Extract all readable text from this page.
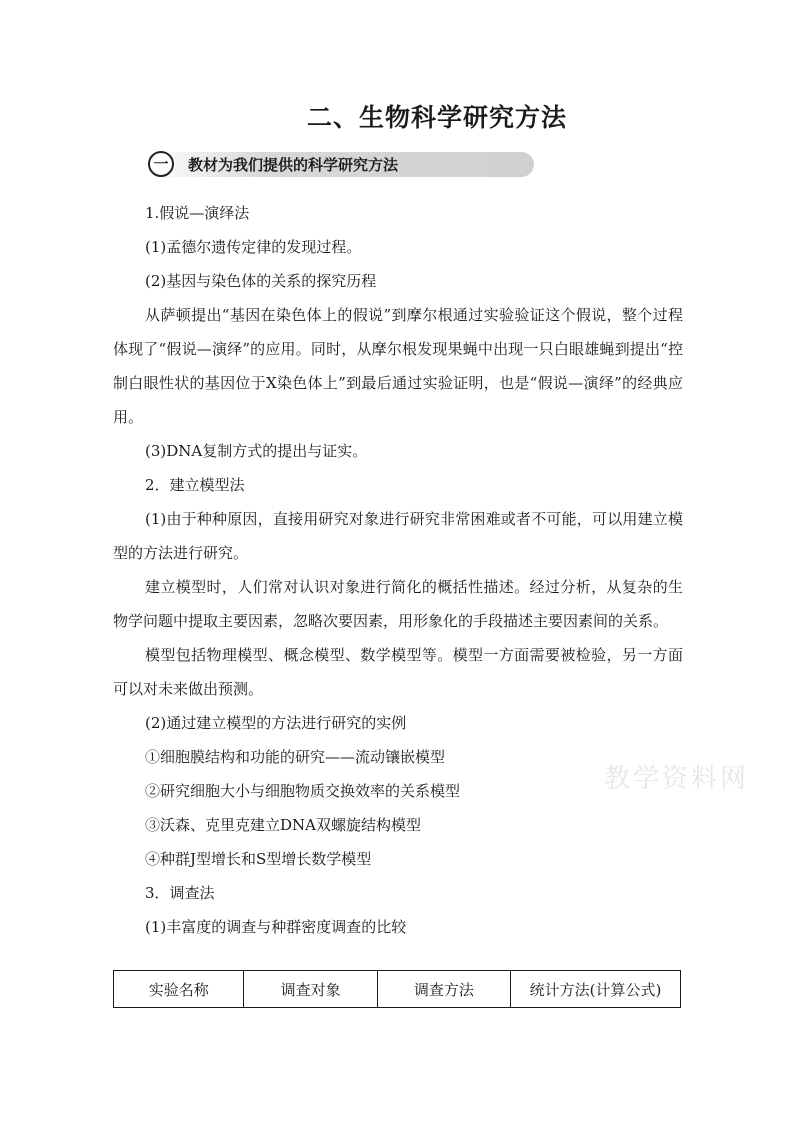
二、生物科学研究方法
一	教材为我们提供的科学研究方法

1.假说—演绎法

(1)孟德尔遗传定律的发现过程。

(2)基因与染色体的关系的探究历程

从萨顿提出“基因在染色体上的假说”到摩尔根通过实验验证这个假说，整个过程体现了“假说—演绎”的应用。同时，从摩尔根发现果蝇中出现一只白眼雄蝇到提出“控制白眼性状的基因位于X染色体上”到最后通过实验证明，也是“假说—演绎”的经典应用。

(3)DNA复制方式的提出与证实。

2．建立模型法

(1)由于种种原因，直接用研究对象进行研究非常困难或者不可能，可以用建立模型的方法进行研究。

建立模型时，人们常对认识对象进行简化的概括性描述。经过分析，从复杂的生物学问题中提取主要因素，忽略次要因素，用形象化的手段描述主要因素间的关系。

模型包括物理模型、概念模型、数学模型等。模型一方面需要被检验，另一方面可以对未来做出预测。

(2)通过建立模型的方法进行研究的实例

①细胞膜结构和功能的研究——流动镶嵌模型

②研究细胞大小与细胞物质交换效率的关系模型

③沃森、克里克建立DNA双螺旋结构模型

④种群J型增长和S型增长数学模型

3．调查法

(1)丰富度的调查与种群密度调查的比较

教学资料网
实验名称	调查对象	调查方法	统计方法(计算公式)
